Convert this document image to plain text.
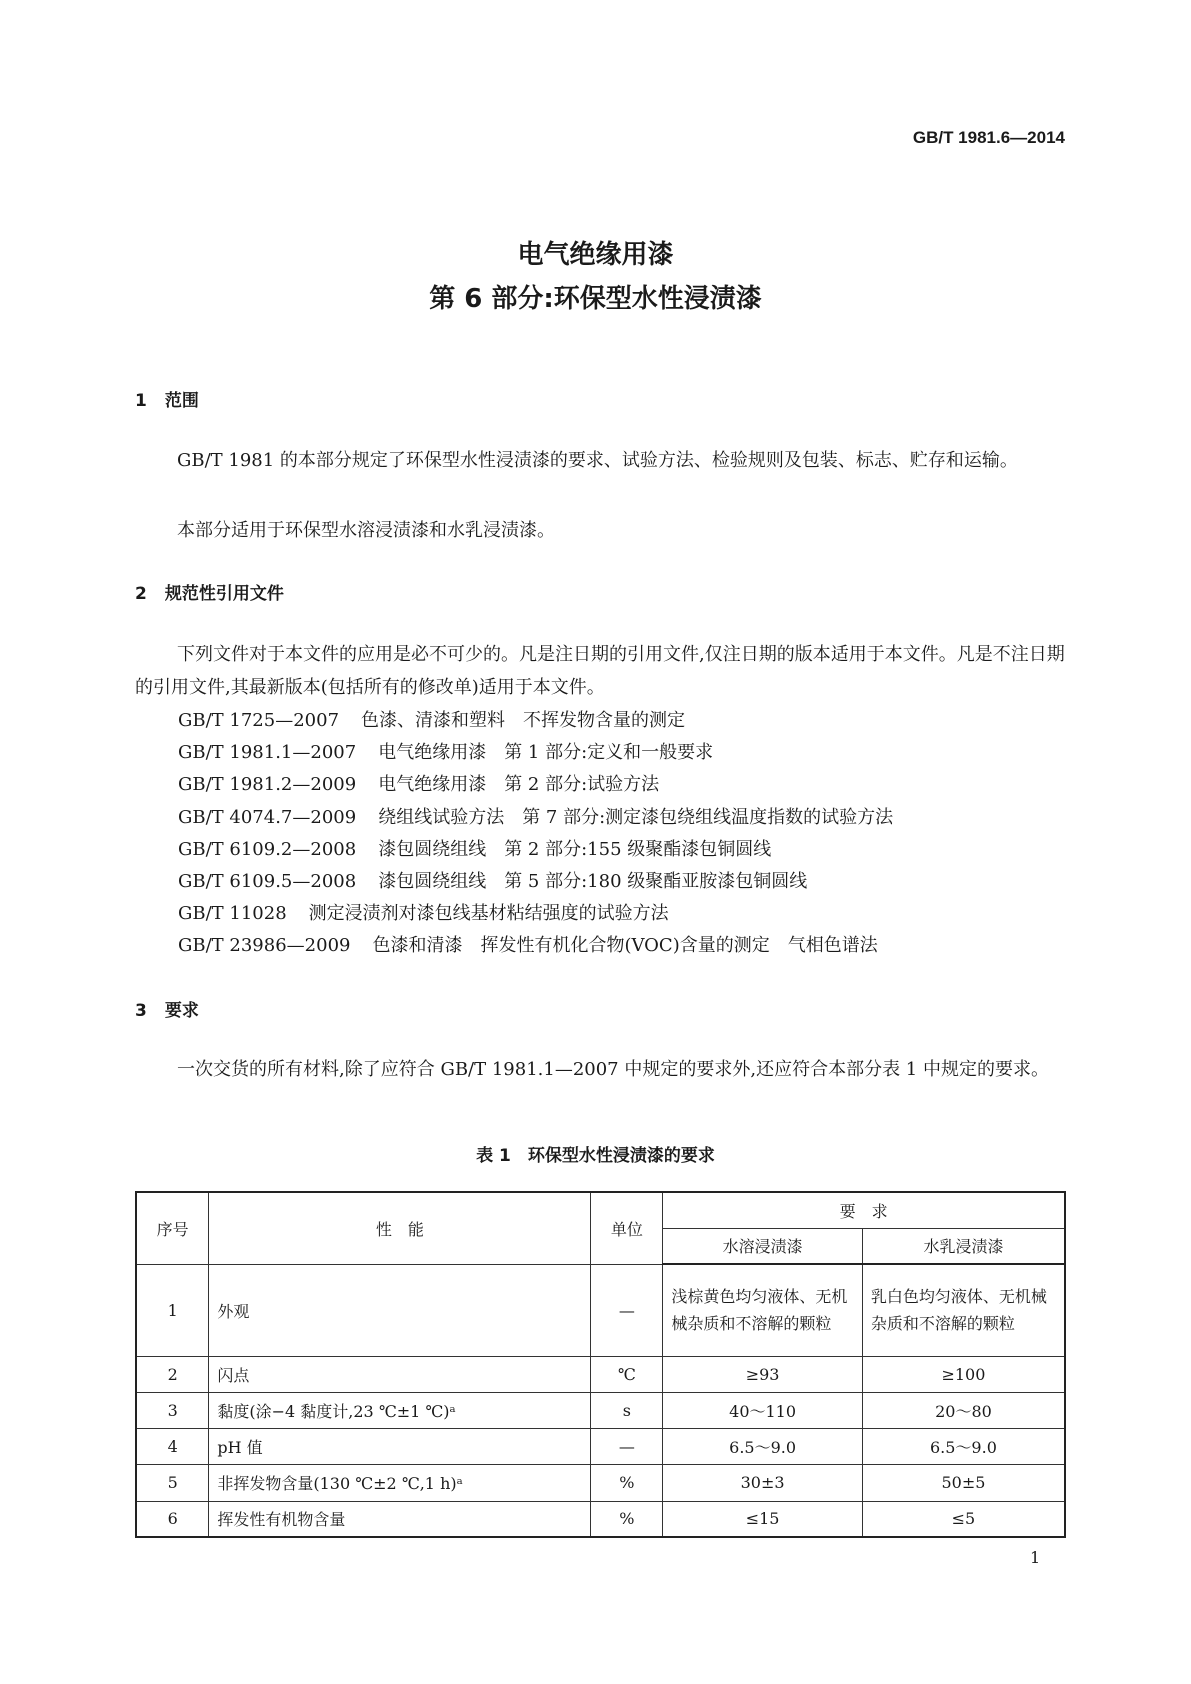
GB/T 1981.6—2014
电气绝缘用漆
第 6 部分:环保型水性浸渍漆
1 范围
GB/T 1981 的本部分规定了环保型水性浸渍漆的要求、试验方法、检验规则及包装、标志、贮存和运输。
本部分适用于环保型水溶浸渍漆和水乳浸渍漆。
2 规范性引用文件
下列文件对于本文件的应用是必不可少的。凡是注日期的引用文件,仅注日期的版本适用于本文件。凡是不注日期的引用文件,其最新版本(包括所有的修改单)适用于本文件。
GB/T 1725—2007 色漆、清漆和塑料　不挥发物含量的测定
GB/T 1981.1—2007 电气绝缘用漆　第 1 部分:定义和一般要求
GB/T 1981.2—2009 电气绝缘用漆　第 2 部分:试验方法
GB/T 4074.7—2009 绕组线试验方法　第 7 部分:测定漆包绕组线温度指数的试验方法
GB/T 6109.2—2008 漆包圆绕组线　第 2 部分:155 级聚酯漆包铜圆线
GB/T 6109.5—2008 漆包圆绕组线　第 5 部分:180 级聚酯亚胺漆包铜圆线
GB/T 11028 测定浸渍剂对漆包线基材粘结强度的试验方法
GB/T 23986—2009 色漆和清漆　挥发性有机化合物(VOC)含量的测定　气相色谱法
3 要求
一次交货的所有材料,除了应符合 GB/T 1981.1—2007 中规定的要求外,还应符合本部分表 1 中规定的要求。
表 1　环保型水性浸渍漆的要求
序号	性　能	单位	要　求	
			水溶浸渍漆	水乳浸渍漆
1	外观	—	浅棕黄色均匀液体、无机械杂质和不溶解的颗粒	乳白色均匀液体、无机械杂质和不溶解的颗粒
2	闪点	℃	≥93	≥100
3	黏度(涂−4 黏度计,23 ℃±1 ℃)ᵃ	s	40～110	20～80
4	pH 值	—	6.5～9.0	6.5～9.0
5	非挥发物含量(130 ℃±2 ℃,1 h)ᵃ	%	30±3	50±5
6	挥发性有机物含量	%	≤15	≤5
1
